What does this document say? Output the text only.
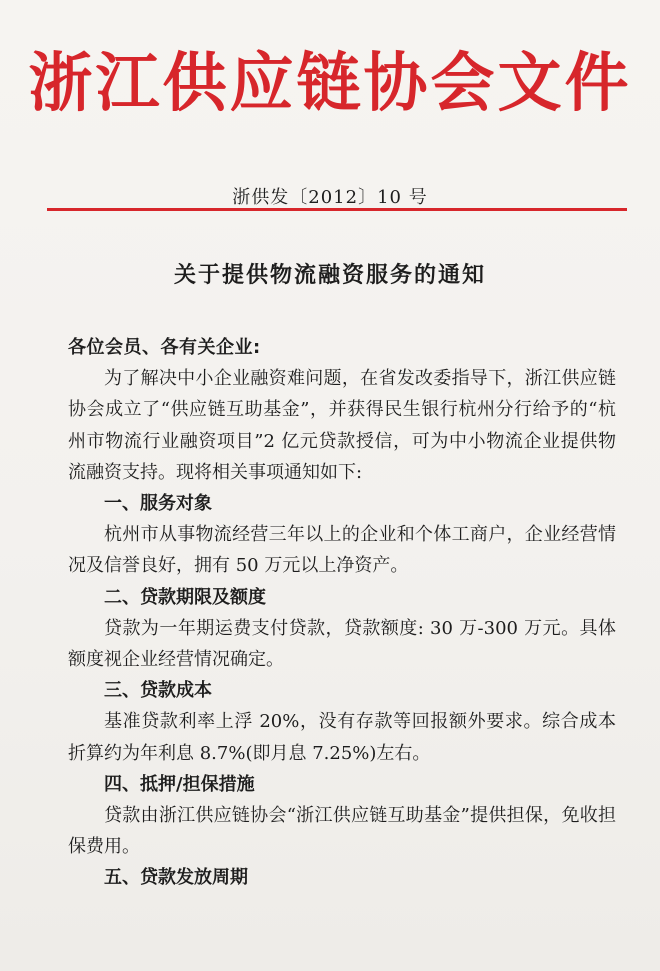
浙江供应链协会文件
浙供发〔2012〕10 号
关于提供物流融资服务的通知

各位会员、各有关企业:

为了解决中小企业融资难问题，在省发改委指导下，浙江供应链协会成立了“供应链互助基金”，并获得民生银行杭州分行给予的“杭州市物流行业融资项目”2 亿元贷款授信，可为中小物流企业提供物流融资支持。现将相关事项通知如下:

一、服务对象

杭州市从事物流经营三年以上的企业和个体工商户，企业经营情况及信誉良好，拥有 50 万元以上净资产。

二、贷款期限及额度

贷款为一年期运费支付贷款，贷款额度: 30 万-300 万元。具体额度视企业经营情况确定。

三、贷款成本

基准贷款利率上浮 20%，没有存款等回报额外要求。综合成本折算约为年利息 8.7%(即月息 7.25%)左右。

四、抵押/担保措施

贷款由浙江供应链协会“浙江供应链互助基金”提供担保，免收担保费用。

五、贷款发放周期
